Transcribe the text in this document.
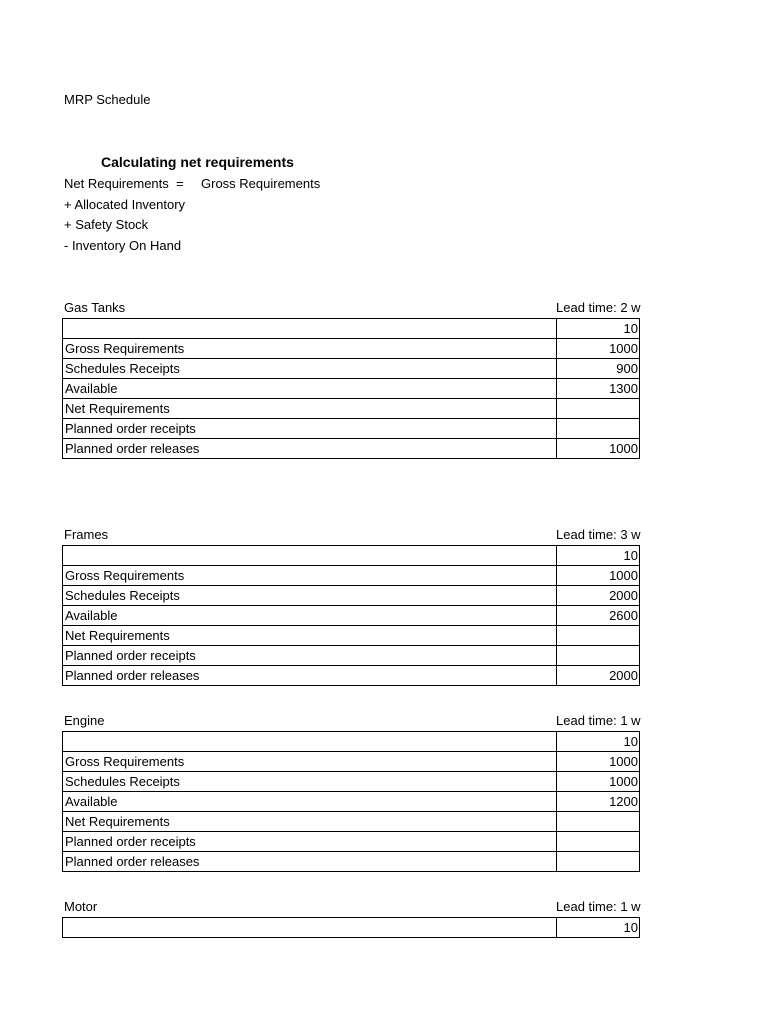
MRP Schedule
Calculating net requirements
Net Requirements = Gross Requirements
+ Allocated Inventory
+ Safety Stock
- Inventory On Hand
Gas Tanks	Lead time: 2 w
	10
Gross Requirements	1000
Schedules Receipts	900
Available	1300
Net Requirements	
Planned order receipts	
Planned order releases	1000
Frames	Lead time: 3 w
	10
Gross Requirements	1000
Schedules Receipts	2000
Available	2600
Net Requirements	
Planned order receipts	
Planned order releases	2000
Engine	Lead time: 1 w
	10
Gross Requirements	1000
Schedules Receipts	1000
Available	1200
Net Requirements	
Planned order receipts	
Planned order releases	
Motor	Lead time: 1 w
	10
